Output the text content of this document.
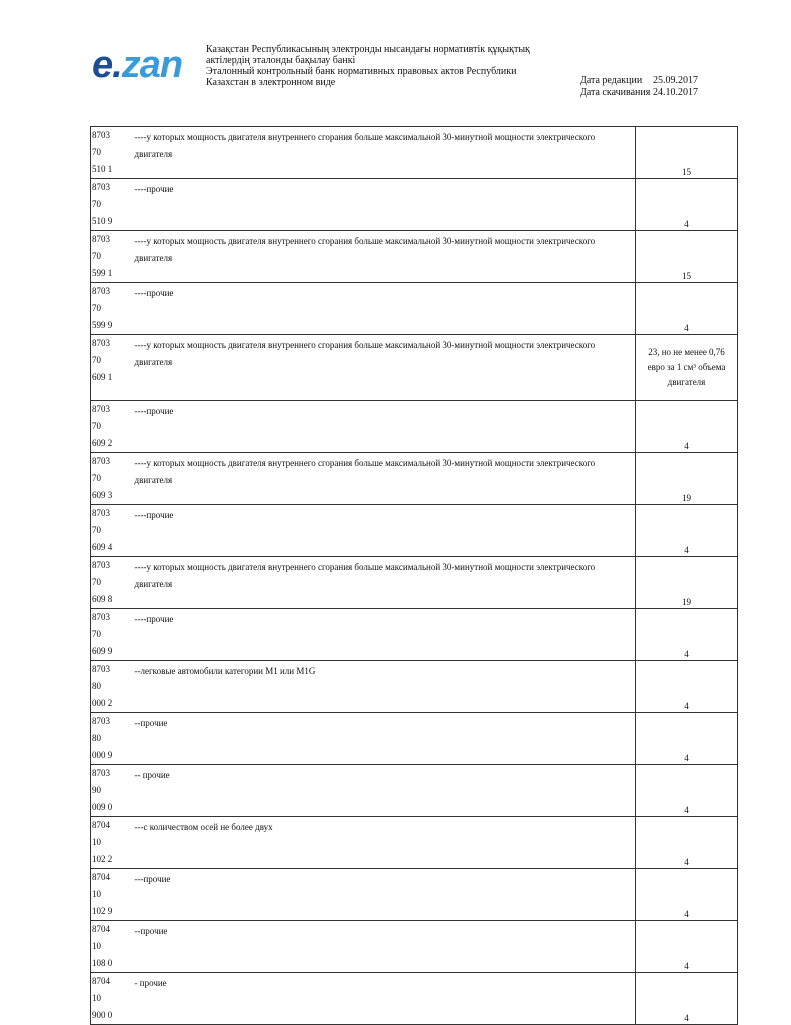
e.zan Казақстан Республикасының электронды нысандағы нормативтік құқықтық
актілердің эталонды бақылау банкі
Эталонный контрольный банк нормативных правовых актов Республики
Казахстан в электронном виде	Дата редакции 25.09.2017
Дата скачивания 24.10.2017
8703
70
510 1	----у которых мощность двигателя внутреннего сгорания больше максимальной 30-минутной мощности электрического двигателя	15

8703
70
510 9	----прочие	4

8703
70
599 1	----у которых мощность двигателя внутреннего сгорания больше максимальной 30-минутной мощности электрического двигателя	15

8703
70
599 9	----прочие	4

8703
70
609 1	----у которых мощность двигателя внутреннего сгорания больше максимальной 30-минутной мощности электрического двигателя	23, но не менее 0,76 евро за 1 см³ объема двигателя

8703
70
609 2	----прочие	4

8703
70
609 3	----у которых мощность двигателя внутреннего сгорания больше максимальной 30-минутной мощности электрического двигателя	19

8703
70
609 4	----прочие	4

8703
70
609 8	----у которых мощность двигателя внутреннего сгорания больше максимальной 30-минутной мощности электрического двигателя	19

8703
70
609 9	----прочие	4

8703
80
000 2	--легковые автомобили категории М1 или М1G	4

8703
80
000 9	--прочие	4

8703
90
009 0	-- прочие	4

8704
10
102 2	---с количеством осей не более двух	4

8704
10
102 9	---прочие	4

8704
10
108 0	--прочие	4

8704
10
900 0	- прочие	4
